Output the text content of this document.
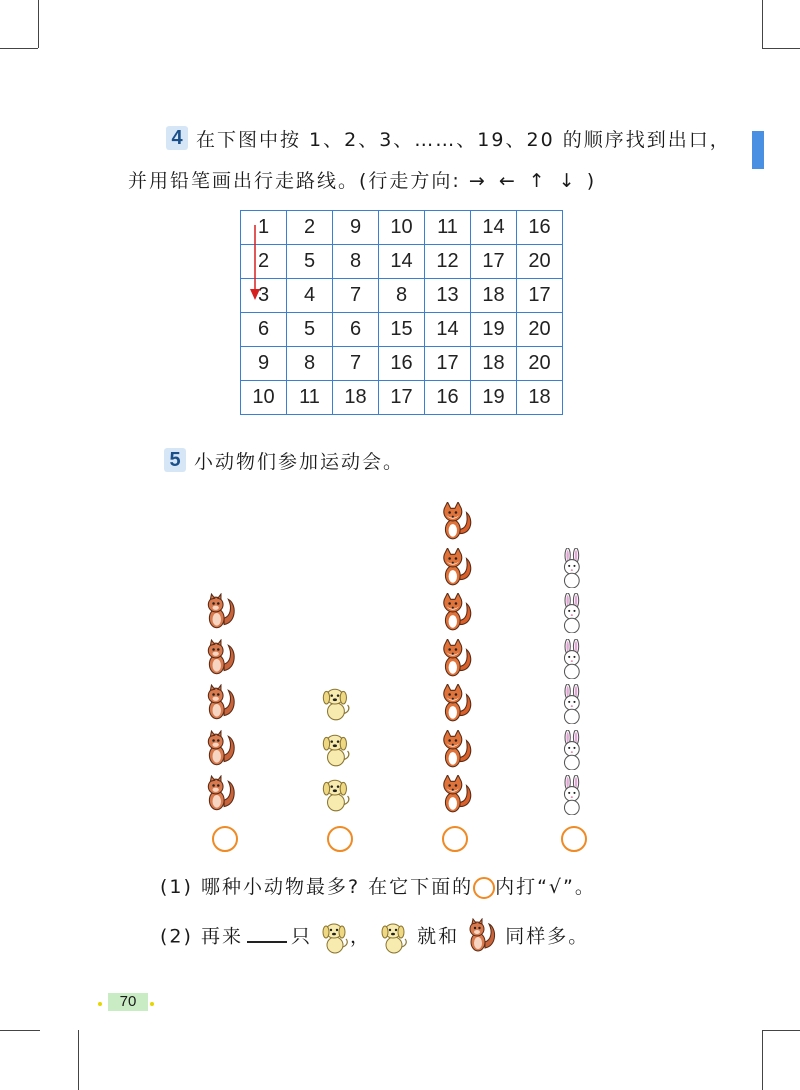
4 在下图中按 1、2、3、……、19、20 的顺序找到出口，
并用铅笔画出行走路线。(行走方向: → ← ↑ ↓ )
1	2	9	10	11	14	16
2	5	8	14	12	17	20
3	4	7	8	13	18	17
6	5	6	15	14	19	20
9	8	7	16	17	18	20
10	11	18	17	16	19	18
5 小动物们参加运动会。
(1) 哪种小动物最多? 在它下面的 内打“√”。
(2) 再来	只 ， 就和 同样多。
70
